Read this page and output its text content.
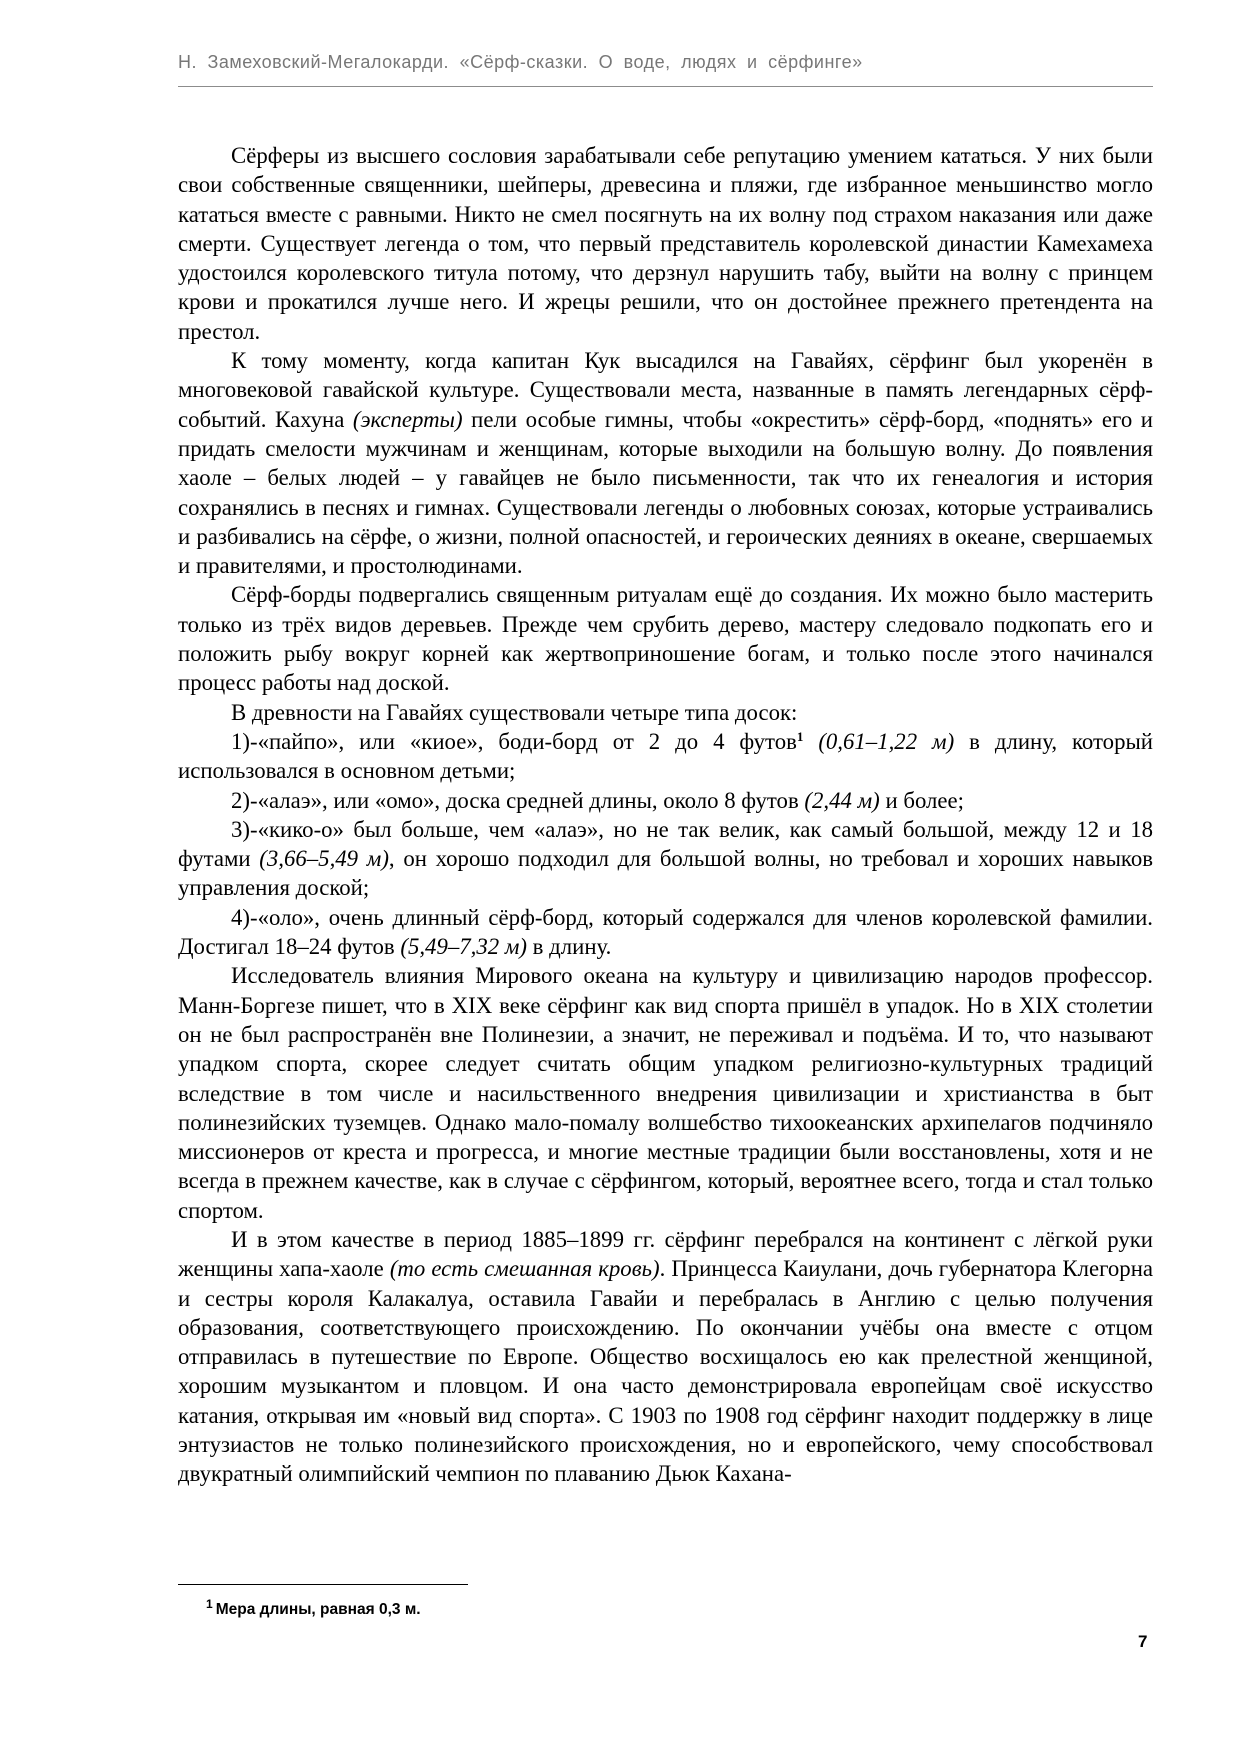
Н. Замеховский-Мегалокарди. «Сёрф-сказки. О воде, людях и сёрфинге»

Сёрферы из высшего сословия зарабатывали себе репутацию умением кататься. У них были свои собственные священники, шейперы, древесина и пляжи, где избранное меньшинство могло кататься вместе с равными. Никто не смел посягнуть на их волну под страхом наказания или даже смерти. Существует легенда о том, что первый представитель королевской династии Камехамеха удостоился королевского титула потому, что дерзнул нарушить табу, выйти на волну с принцем крови и прокатился лучше него. И жрецы решили, что он достойнее прежнего претендента на престол.

К тому моменту, когда капитан Кук высадился на Гавайях, сёрфинг был укоренён в многовековой гавайской культуре. Существовали места, названные в память легендарных сёрф-событий. Кахуна (эксперты) пели особые гимны, чтобы «окрестить» сёрф-борд, «поднять» его и придать смелости мужчинам и женщинам, которые выходили на большую волну. До появления хаоле – белых людей – у гавайцев не было письменности, так что их генеалогия и история сохранялись в песнях и гимнах. Существовали легенды о любовных союзах, которые устраивались и разбивались на сёрфе, о жизни, полной опасностей, и героических деяниях в океане, свершаемых и правителями, и простолюдинами.

Сёрф-борды подвергались священным ритуалам ещё до создания. Их можно было мастерить только из трёх видов деревьев. Прежде чем срубить дерево, мастеру следовало подкопать его и положить рыбу вокруг корней как жертвоприношение богам, и только после этого начинался процесс работы над доской.

В древности на Гавайях существовали четыре типа досок:

1)-«пайпо», или «киое», боди-борд от 2 до 4 футов$^1$ (0,61–1,22 м) в длину, который использовался в основном детьми;

2)-«алаэ», или «омо», доска средней длины, около 8 футов (2,44 м) и более;

3)-«кико-о» был больше, чем «алаэ», но не так велик, как самый большой, между 12 и 18 футами (3,66–5,49 м), он хорошо подходил для большой волны, но требовал и хороших навыков управления доской;

4)-«оло», очень длинный сёрф-борд, который содержался для членов королевской фамилии. Достигал 18–24 футов (5,49–7,32 м) в длину.

Исследователь влияния Мирового океана на культуру и цивилизацию народов профессор. Манн-Боргезе пишет, что в XIX веке сёрфинг как вид спорта пришёл в упадок. Но в XIX столетии он не был распространён вне Полинезии, а значит, не переживал и подъёма. И то, что называют упадком спорта, скорее следует считать общим упадком религиозно-культурных традиций вследствие в том числе и насильственного внедрения цивилизации и христианства в быт полинезийских туземцев. Однако мало-помалу волшебство тихоокеанских архипелагов подчиняло миссионеров от креста и прогресса, и многие местные традиции были восстановлены, хотя и не всегда в прежнем качестве, как в случае с сёрфингом, который, вероятнее всего, тогда и стал только спортом.

И в этом качестве в период 1885–1899 гг. сёрфинг перебрался на континент с лёгкой руки женщины хапа-хаоле (то есть смешанная кровь). Принцесса Каиулани, дочь губернатора Клегорна и сестры короля Калакалуа, оставила Гавайи и перебралась в Англию с целью получения образования, соответствующего происхождению. По окончании учёбы она вместе с отцом отправилась в путешествие по Европе. Общество восхищалось ею как прелестной женщиной, хорошим музыкантом и пловцом. И она часто демонстрировала европейцам своё искусство катания, открывая им «новый вид спорта». С 1903 по 1908 год сёрфинг находит поддержку в лице энтузиастов не только полинезийского происхождения, но и европейского, чему способствовал двукратный олимпийский чемпион по плаванию Дьюк Кахана-

$^1$ Мера длины, равная 0,3 м.
7
